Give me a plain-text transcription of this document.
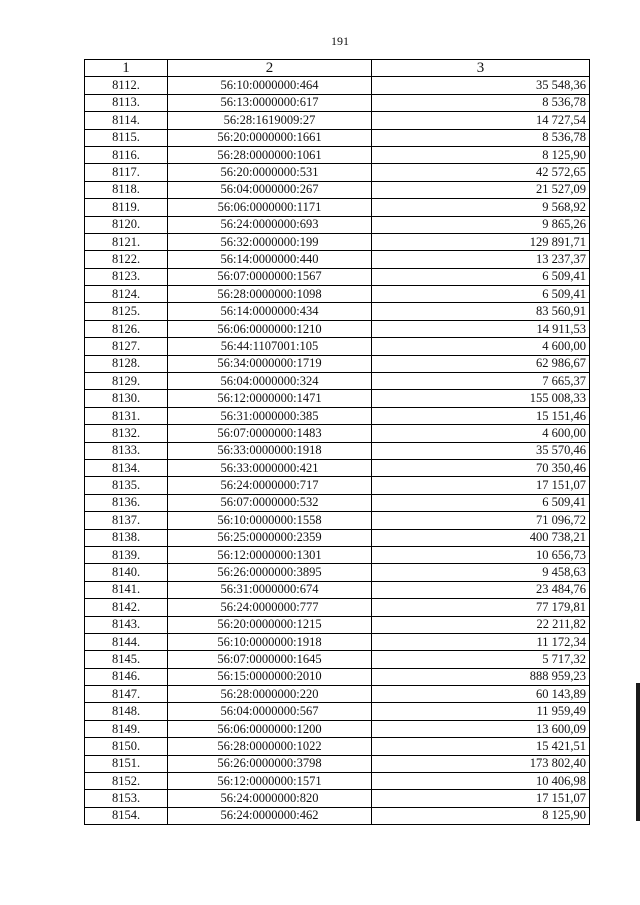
191
1	2	3
8112.	56:10:0000000:464	35 548,36
8113.	56:13:0000000:617	8 536,78
8114.	56:28:1619009:27	14 727,54
8115.	56:20:0000000:1661	8 536,78
8116.	56:28:0000000:1061	8 125,90
8117.	56:20:0000000:531	42 572,65
8118.	56:04:0000000:267	21 527,09
8119.	56:06:0000000:1171	9 568,92
8120.	56:24:0000000:693	9 865,26
8121.	56:32:0000000:199	129 891,71
8122.	56:14:0000000:440	13 237,37
8123.	56:07:0000000:1567	6 509,41
8124.	56:28:0000000:1098	6 509,41
8125.	56:14:0000000:434	83 560,91
8126.	56:06:0000000:1210	14 911,53
8127.	56:44:1107001:105	4 600,00
8128.	56:34:0000000:1719	62 986,67
8129.	56:04:0000000:324	7 665,37
8130.	56:12:0000000:1471	155 008,33
8131.	56:31:0000000:385	15 151,46
8132.	56:07:0000000:1483	4 600,00
8133.	56:33:0000000:1918	35 570,46
8134.	56:33:0000000:421	70 350,46
8135.	56:24:0000000:717	17 151,07
8136.	56:07:0000000:532	6 509,41
8137.	56:10:0000000:1558	71 096,72
8138.	56:25:0000000:2359	400 738,21
8139.	56:12:0000000:1301	10 656,73
8140.	56:26:0000000:3895	9 458,63
8141.	56:31:0000000:674	23 484,76
8142.	56:24:0000000:777	77 179,81
8143.	56:20:0000000:1215	22 211,82
8144.	56:10:0000000:1918	11 172,34
8145.	56:07:0000000:1645	5 717,32
8146.	56:15:0000000:2010	888 959,23
8147.	56:28:0000000:220	60 143,89
8148.	56:04:0000000:567	11 959,49
8149.	56:06:0000000:1200	13 600,09
8150.	56:28:0000000:1022	15 421,51
8151.	56:26:0000000:3798	173 802,40
8152.	56:12:0000000:1571	10 406,98
8153.	56:24:0000000:820	17 151,07
8154.	56:24:0000000:462	8 125,90
